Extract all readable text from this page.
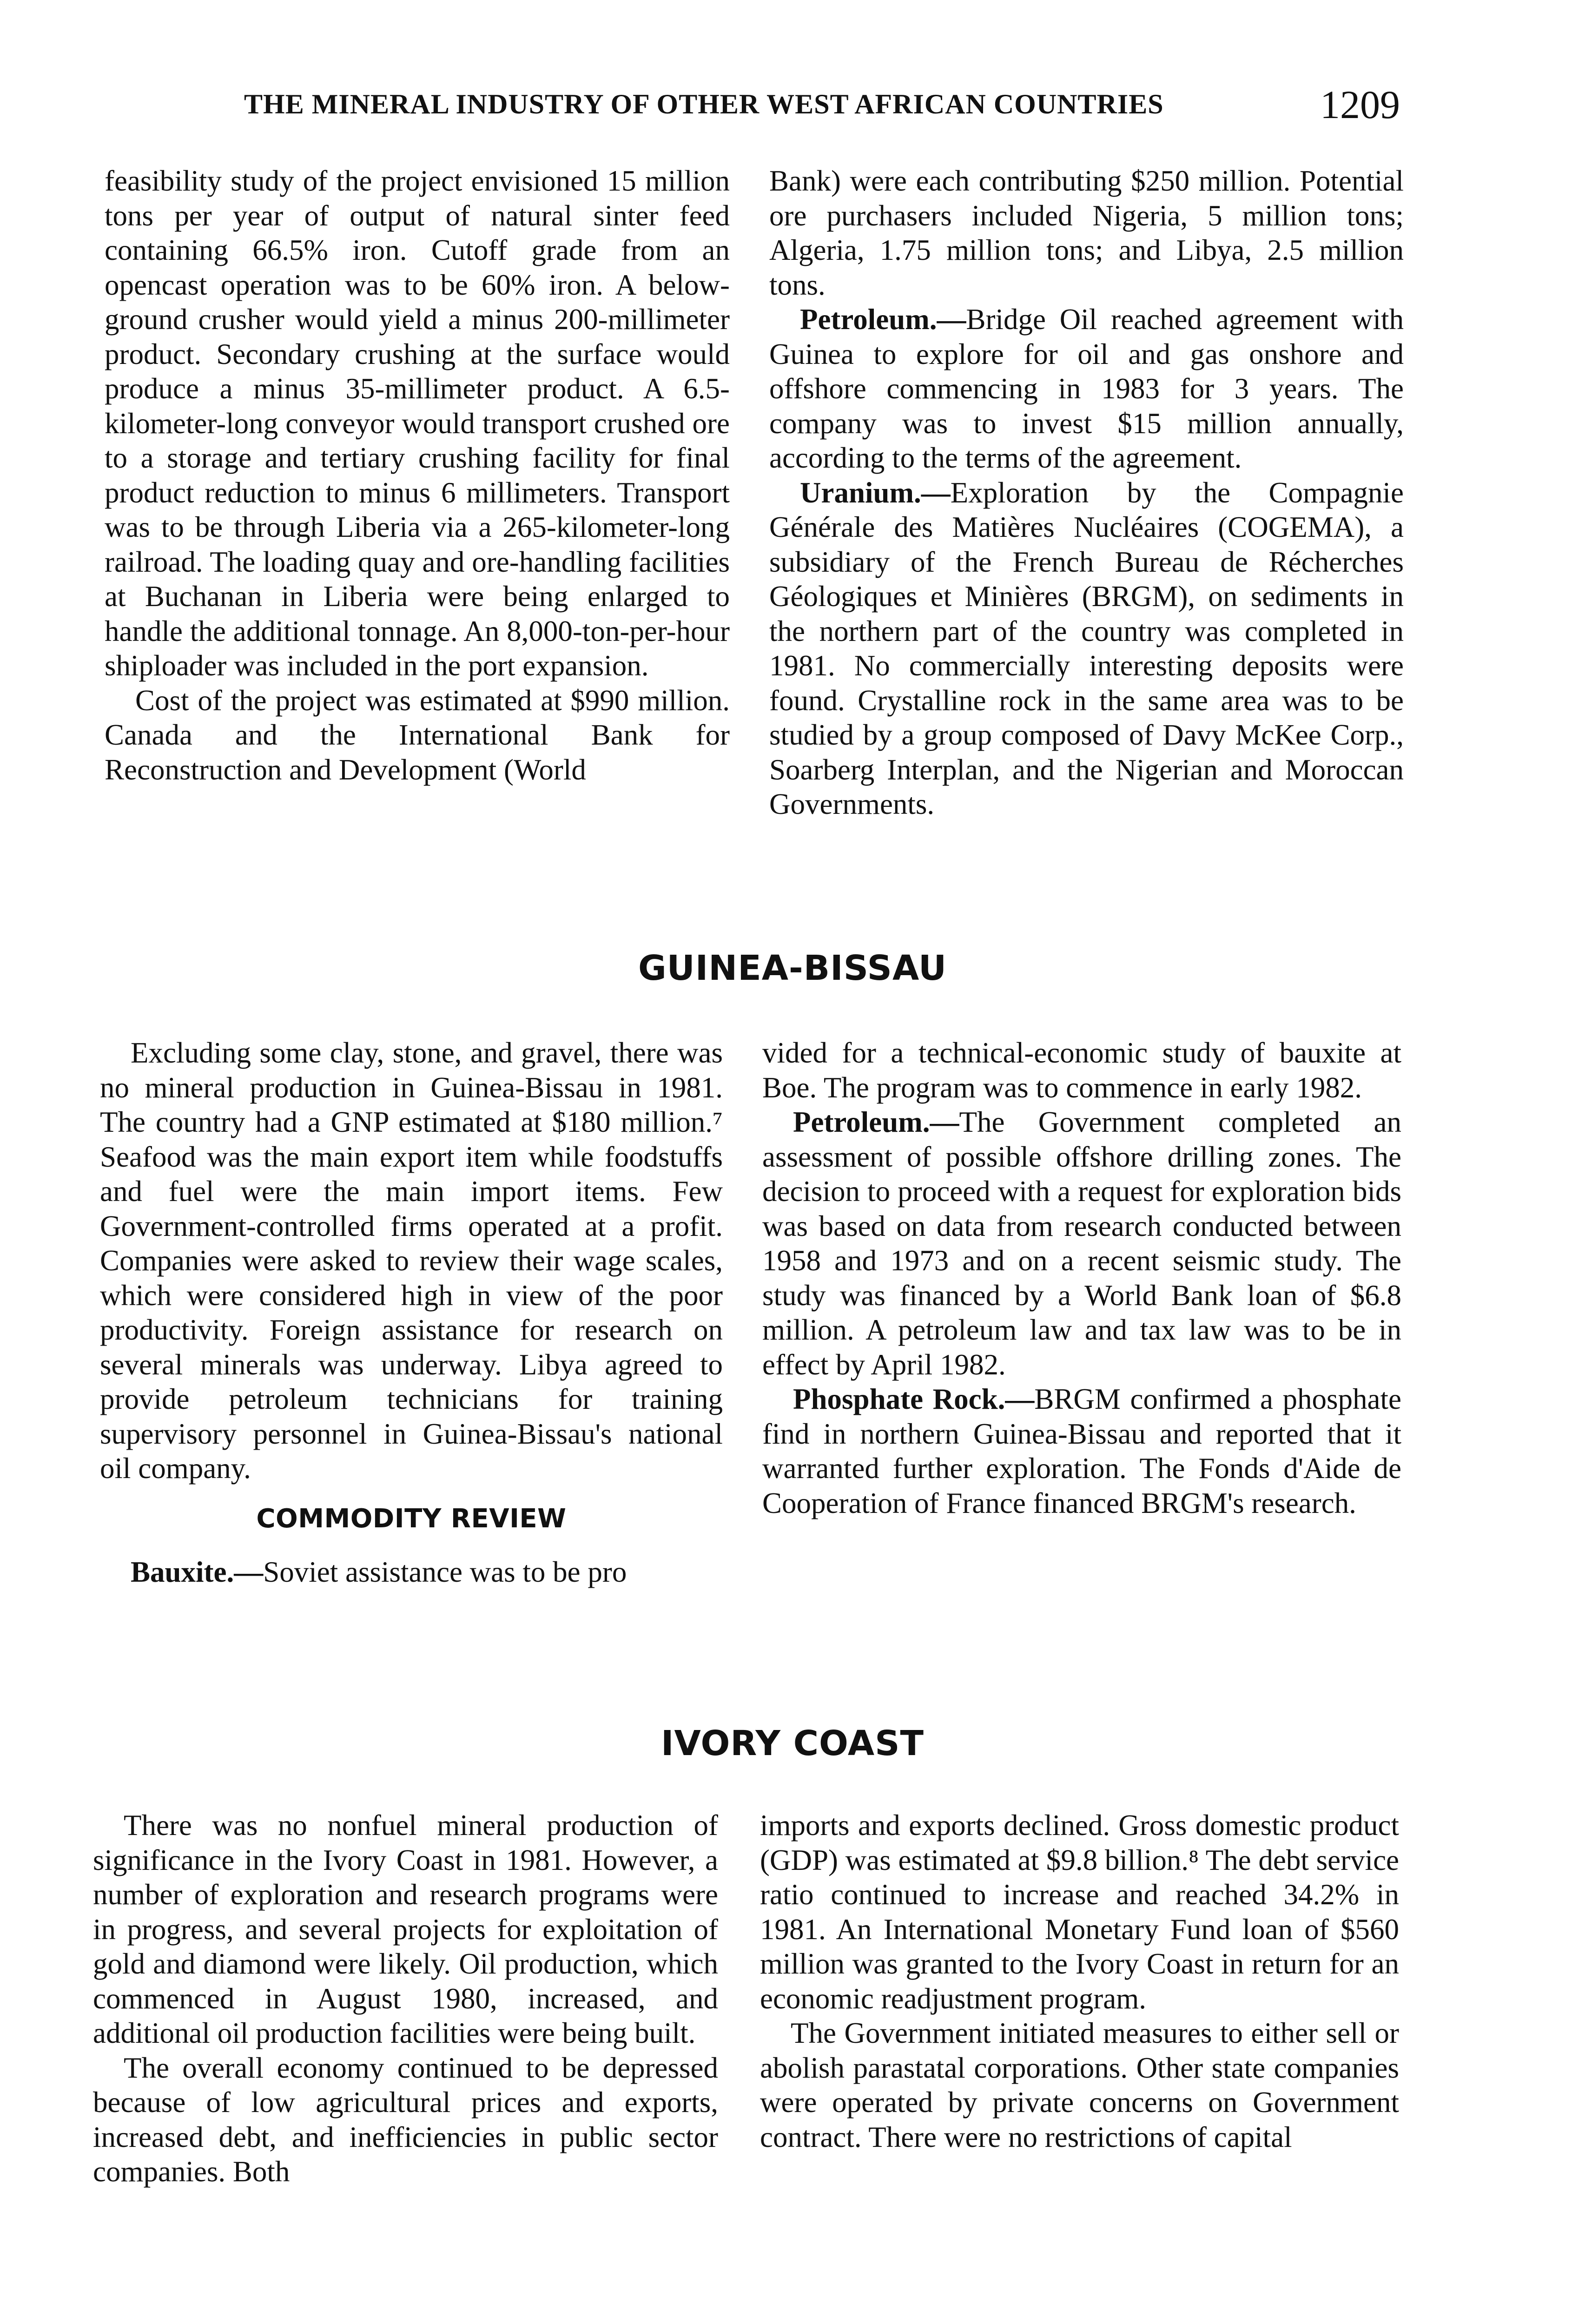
THE MINERAL INDUSTRY OF OTHER WEST AFRICAN COUNTRIES	1209

feasibility study of the project envisioned 15 million tons per year of output of natural sinter feed containing 66.5% iron. Cutoff grade from an opencast operation was to be 60% iron. A below-ground crusher would yield a minus 200-millimeter product. Secondary crushing at the surface would produce a minus 35-millimeter product. A 6.5-kilometer-long conveyor would transport crushed ore to a storage and tertiary crushing facility for final product reduction to minus 6 millimeters. Transport was to be through Liberia via a 265-kilometer-long railroad. The loading quay and ore-handling facilities at Buchanan in Liberia were being enlarged to handle the additional tonnage. An 8,000-ton-per-hour shiploader was included in the port expansion.

Cost of the project was estimated at $990 million. Canada and the International Bank for Reconstruction and Development (World

Bank) were each contributing $250 million. Potential ore purchasers included Nigeria, 5 million tons; Algeria, 1.75 million tons; and Libya, 2.5 million tons.

Petroleum.—Bridge Oil reached agreement with Guinea to explore for oil and gas onshore and offshore commencing in 1983 for 3 years. The company was to invest $15 million annually, according to the terms of the agreement.

Uranium.—Exploration by the Compagnie Générale des Matières Nucléaires (COGEMA), a subsidiary of the French Bureau de Récherches Géologiques et Minières (BRGM), on sediments in the northern part of the country was completed in 1981. No commercially interesting deposits were found. Crystalline rock in the same area was to be studied by a group composed of Davy McKee Corp., Soarberg Interplan, and the Nigerian and Moroccan Governments.

GUINEA-BISSAU

Excluding some clay, stone, and gravel, there was no mineral production in Guinea-Bissau in 1981. The country had a GNP estimated at $180 million.⁷ Seafood was the main export item while foodstuffs and fuel were the main import items. Few Government-controlled firms operated at a profit. Companies were asked to review their wage scales, which were considered high in view of the poor productivity. Foreign assistance for research on several minerals was underway. Libya agreed to provide petroleum technicians for training supervisory personnel in Guinea-Bissau's national oil company.

COMMODITY REVIEW

Bauxite.—Soviet assistance was to be pro

vided for a technical-economic study of bauxite at Boe. The program was to commence in early 1982.

Petroleum.—The Government completed an assessment of possible offshore drilling zones. The decision to proceed with a request for exploration bids was based on data from research conducted between 1958 and 1973 and on a recent seismic study. The study was financed by a World Bank loan of $6.8 million. A petroleum law and tax law was to be in effect by April 1982.

Phosphate Rock.—BRGM confirmed a phosphate find in northern Guinea-Bissau and reported that it warranted further exploration. The Fonds d'Aide de Cooperation of France financed BRGM's research.

IVORY COAST

There was no nonfuel mineral production of significance in the Ivory Coast in 1981. However, a number of exploration and research programs were in progress, and several projects for exploitation of gold and diamond were likely. Oil production, which commenced in August 1980, increased, and additional oil production facilities were being built.

The overall economy continued to be depressed because of low agricultural prices and exports, increased debt, and inefficiencies in public sector companies. Both

imports and exports declined. Gross domestic product (GDP) was estimated at $9.8 billion.⁸ The debt service ratio continued to increase and reached 34.2% in 1981. An International Monetary Fund loan of $560 million was granted to the Ivory Coast in return for an economic readjustment program.

The Government initiated measures to either sell or abolish parastatal corporations. Other state companies were operated by private concerns on Government contract. There were no restrictions of capital
